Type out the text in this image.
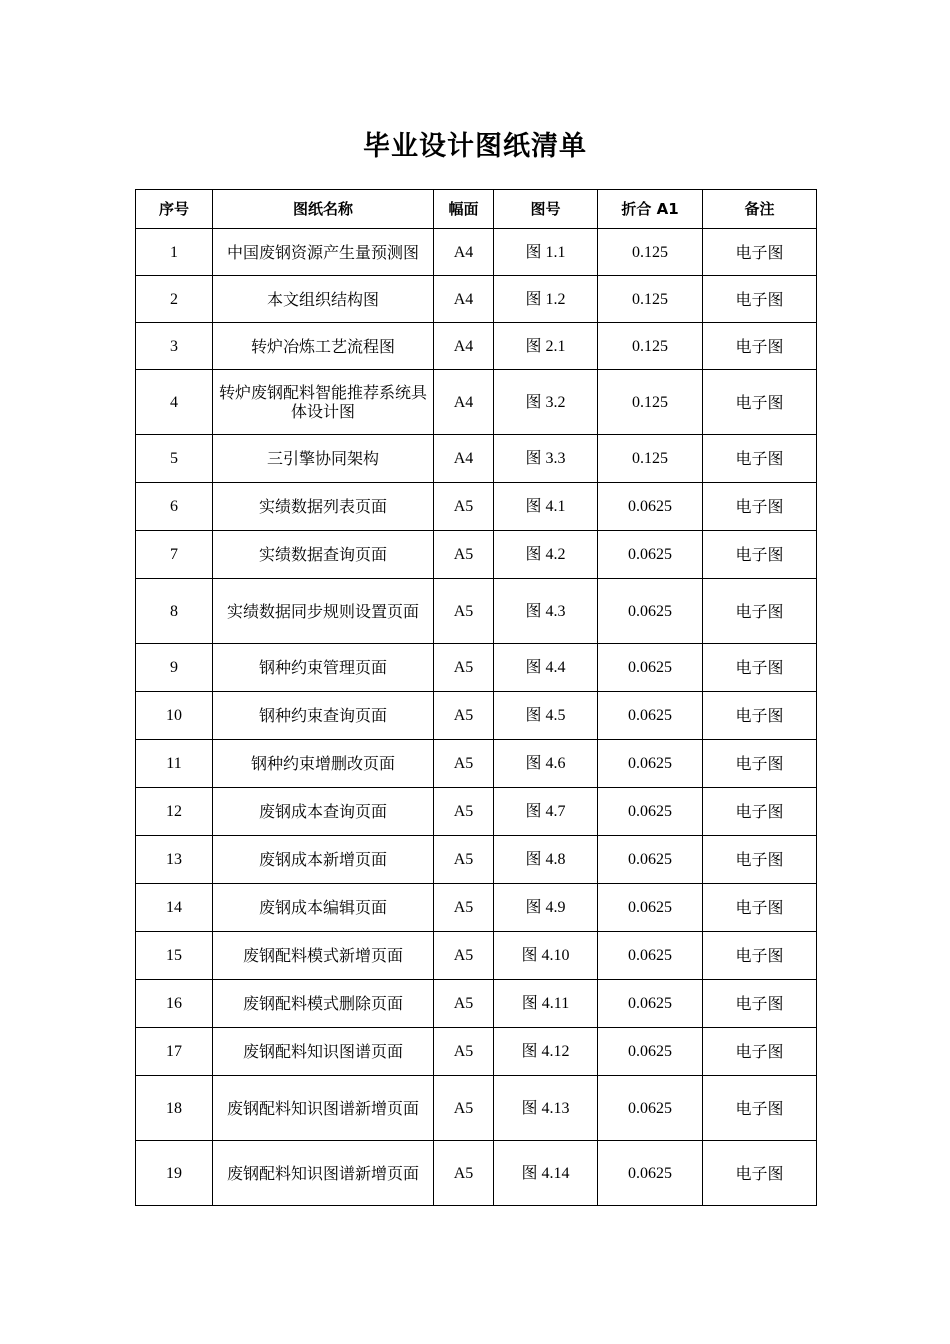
毕业设计图纸清单
序号	图纸名称	幅面	图号	折合 A1	备注
1	中国废钢资源产生量预测图	A4	图 1.1	0.125	电子图
2	本文组织结构图	A4	图 1.2	0.125	电子图
3	转炉冶炼工艺流程图	A4	图 2.1	0.125	电子图
4	转炉废钢配料智能推荐系统具体设计图	A4	图 3.2	0.125	电子图
5	三引擎协同架构	A4	图 3.3	0.125	电子图
6	实绩数据列表页面	A5	图 4.1	0.0625	电子图
7	实绩数据查询页面	A5	图 4.2	0.0625	电子图
8	实绩数据同步规则设置页面	A5	图 4.3	0.0625	电子图
9	钢种约束管理页面	A5	图 4.4	0.0625	电子图
10	钢种约束查询页面	A5	图 4.5	0.0625	电子图
11	钢种约束增删改页面	A5	图 4.6	0.0625	电子图
12	废钢成本查询页面	A5	图 4.7	0.0625	电子图
13	废钢成本新增页面	A5	图 4.8	0.0625	电子图
14	废钢成本编辑页面	A5	图 4.9	0.0625	电子图
15	废钢配料模式新增页面	A5	图 4.10	0.0625	电子图
16	废钢配料模式删除页面	A5	图 4.11	0.0625	电子图
17	废钢配料知识图谱页面	A5	图 4.12	0.0625	电子图
18	废钢配料知识图谱新增页面	A5	图 4.13	0.0625	电子图
19	废钢配料知识图谱新增页面	A5	图 4.14	0.0625	电子图
